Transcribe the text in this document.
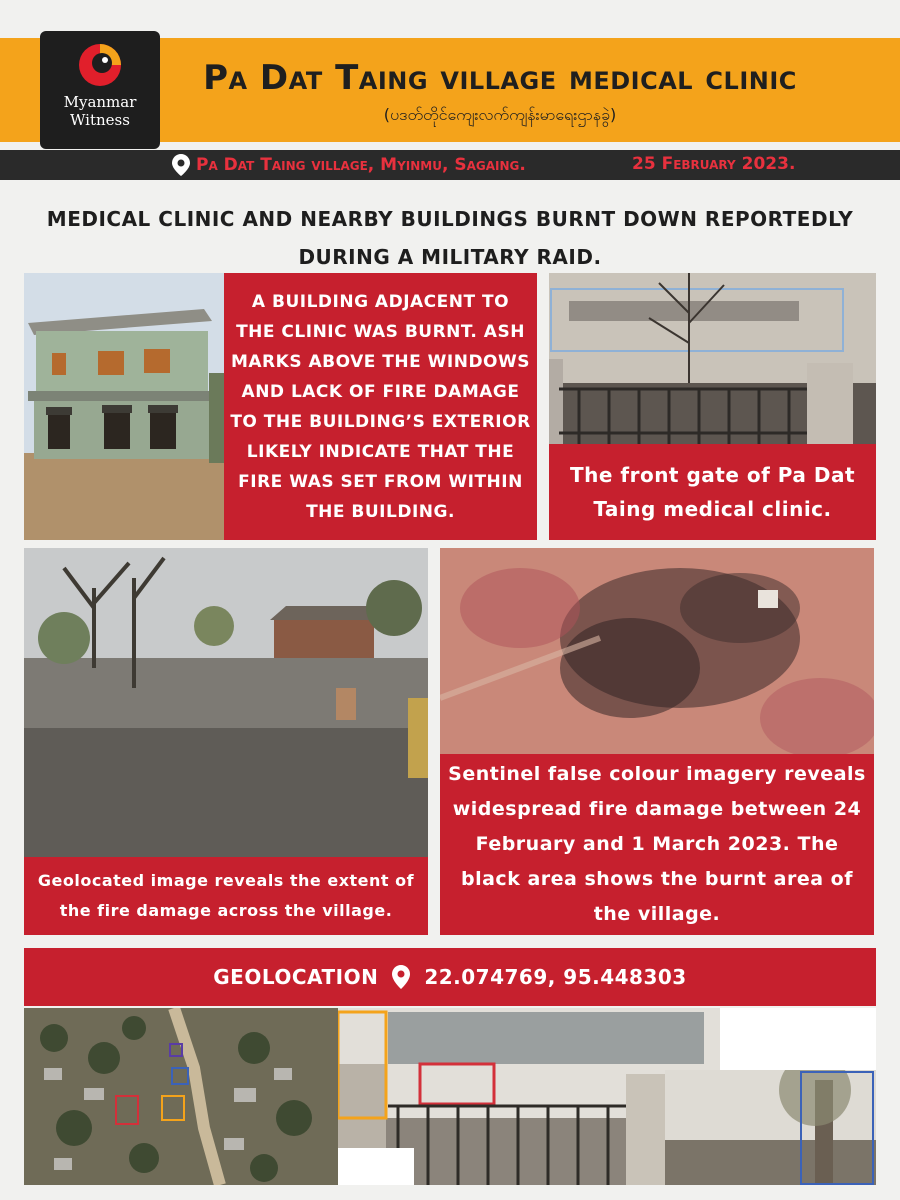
Myanmar
Witness
Pa Dat Taing village medical clinic
(ပဒတ်တိုင်ကျေးလက်ကျန်းမာရေးဌာနခွဲ)
Pa Dat Taing village, Myinmu, Sagaing.	25 February 2023.
MEDICAL CLINIC AND NEARBY BUILDINGS BURNT DOWN REPORTEDLY
DURING A MILITARY RAID.
A BUILDING ADJACENT TO THE CLINIC WAS BURNT. ASH MARKS ABOVE THE WINDOWS AND LACK OF FIRE DAMAGE TO THE BUILDING’S EXTERIOR LIKELY INDICATE THAT THE FIRE WAS SET FROM WITHIN THE BUILDING.
The front gate of Pa Dat Taing medical clinic.
Geolocated image reveals the extent of the fire damage across the village.
Sentinel false colour imagery reveals widespread fire damage between 24 February and 1 March 2023. The black area shows the burnt area of the village.
GEOLOCATION 22.074769, 95.448303
